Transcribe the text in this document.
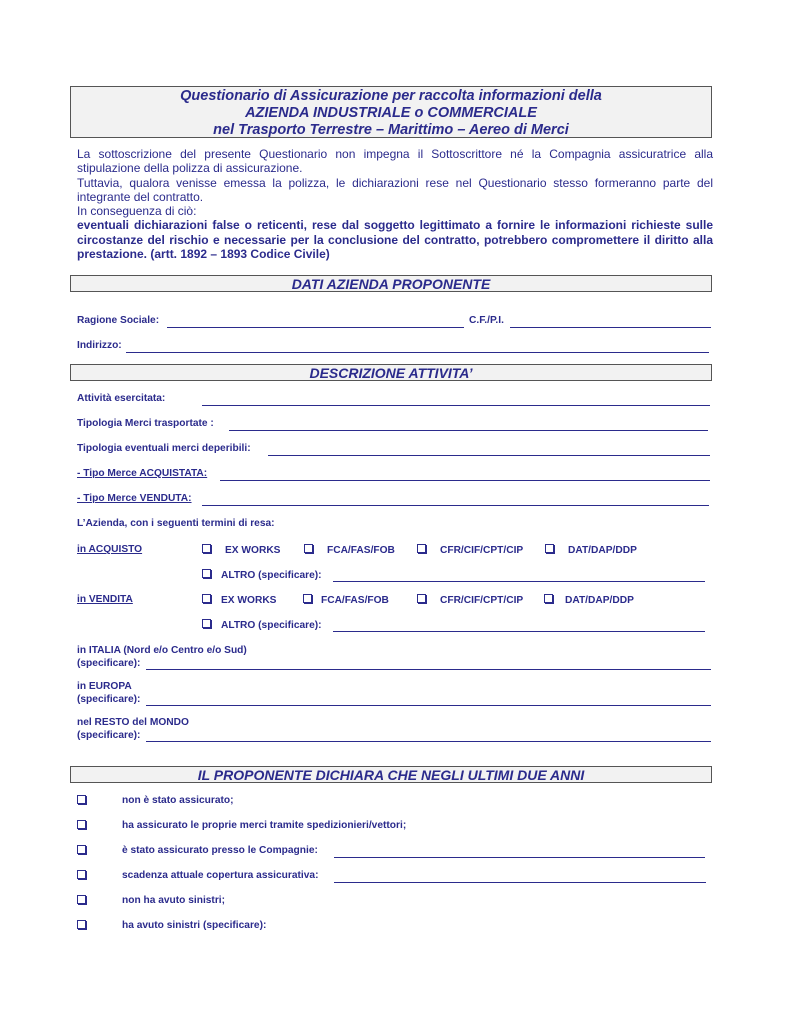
Questionario di Assicurazione per raccolta informazioni della
AZIENDA INDUSTRIALE o COMMERCIALE
nel Trasporto Terrestre – Marittimo – Aereo di Merci

La sottoscrizione del presente Questionario non impegna il Sottoscrittore né la Compagnia assicuratrice alla stipulazione della polizza di assicurazione.

Tuttavia, qualora venisse emessa la polizza, le dichiarazioni rese nel Questionario stesso formeranno parte del integrante del contratto.

In conseguenza di ciò:

eventuali dichiarazioni false o reticenti, rese dal soggetto legittimato a fornire le informazioni richieste sulle circostanze del rischio e necessarie per la conclusione del contratto, potrebbero compromettere il diritto alla prestazione. (artt. 1892 – 1893 Codice Civile)

DATI AZIENDA PROPONENTE
Ragione Sociale:	C.F./P.I.
Indirizzo:
DESCRIZIONE ATTIVITA’
Attività esercitata:
Tipologia Merci trasportate :
Tipologia eventuali merci deperibili:
- Tipo Merce ACQUISTATA:
- Tipo Merce VENDUTA:
L’Azienda, con i seguenti termini di resa:
in ACQUISTO	EX WORKS	FCA/FAS/FOB	CFR/CIF/CPT/CIP	DAT/DAP/DDP
ALTRO (specificare):
in VENDITA	EX WORKS	FCA/FAS/FOB	CFR/CIF/CPT/CIP	DAT/DAP/DDP
ALTRO (specificare):
in ITALIA (Nord e/o Centro e/o Sud)
(specificare):
in EUROPA
(specificare):
nel RESTO del MONDO
(specificare):
IL PROPONENTE DICHIARA CHE NEGLI ULTIMI DUE ANNI
non è stato assicurato;
ha assicurato le proprie merci tramite spedizionieri/vettori;
è stato assicurato presso le Compagnie:
scadenza attuale copertura assicurativa:
non ha avuto sinistri;
ha avuto sinistri (specificare):
